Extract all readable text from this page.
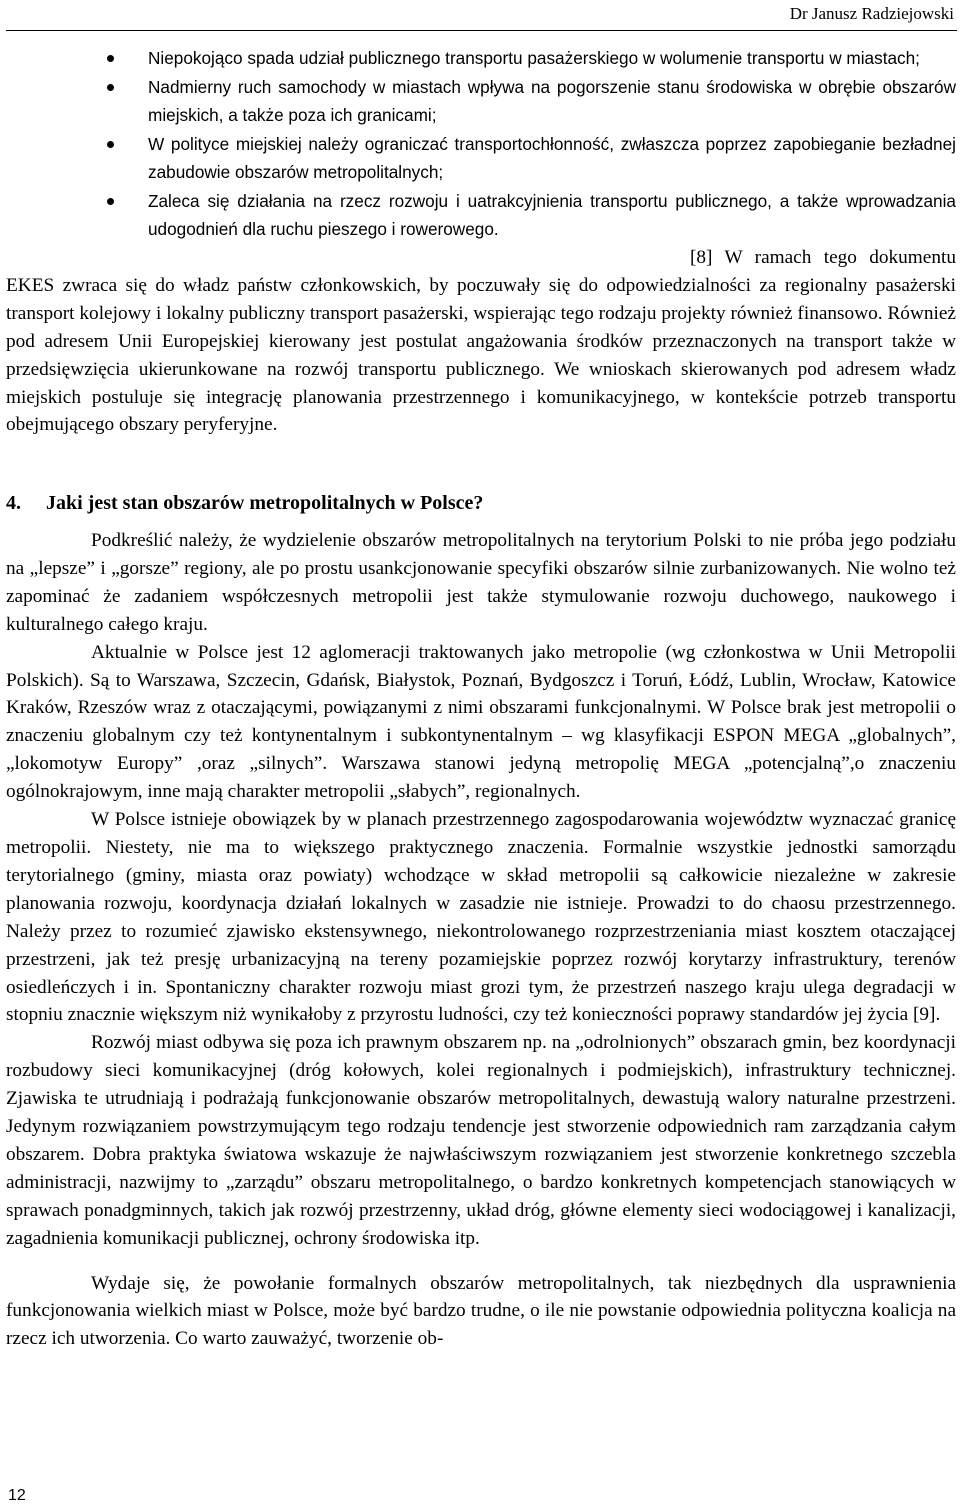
Dr Janusz Radziejowski
Niepokojąco spada udział publicznego transportu pasażerskiego w wolumenie transportu w miastach;
Nadmierny ruch samochody w miastach wpływa na pogorszenie stanu środowiska w obrębie obszarów miejskich, a także poza ich granicami;
W polityce miejskiej należy ograniczać transportochłonność, zwłaszcza poprzez zapobieganie bezładnej zabudowie obszarów metropolitalnych;
Zaleca się działania na rzecz rozwoju i uatrakcyjnienia transportu publicznego, a także wprowadzania udogodnień dla ruchu pieszego i rowerowego.

[8] W ramach tego dokumentu EKES zwraca się do władz państw członkowskich, by poczuwały się do odpowiedzialności za regionalny pasażerski transport kolejowy i lokalny publiczny transport pasażerski, wspierając tego rodzaju projekty również finansowo. Również pod adresem Unii Europejskiej kierowany jest postulat angażowania środków przeznaczonych na transport także w przedsięwzięcia ukierunkowane na rozwój transportu publicznego. We wnioskach skierowanych pod adresem władz miejskich postuluje się integrację planowania przestrzennego i komunikacyjnego, w kontekście potrzeb transportu obejmującego obszary peryferyjne.

4. Jaki jest stan obszarów metropolitalnych w Polsce?

Podkreślić należy, że wydzielenie obszarów metropolitalnych na terytorium Polski to nie próba jego podziału na „lepsze” i „gorsze” regiony, ale po prostu usankcjonowanie specyfiki obszarów silnie zurbanizowanych. Nie wolno też zapominać że zadaniem współczesnych metropolii jest także stymulowanie rozwoju duchowego, naukowego i kulturalnego całego kraju.

Aktualnie w Polsce jest 12 aglomeracji traktowanych jako metropolie (wg członkostwa w Unii Metropolii Polskich). Są to Warszawa, Szczecin, Gdańsk, Białystok, Poznań, Bydgoszcz i Toruń, Łódź, Lublin, Wrocław, Katowice Kraków, Rzeszów wraz z otaczającymi, powiązanymi z nimi obszarami funkcjonalnymi. W Polsce brak jest metropolii o znaczeniu globalnym czy też kontynentalnym i subkontynentalnym – wg klasyfikacji ESPON MEGA „globalnych”, „lokomotyw Europy” ,oraz „silnych”. Warszawa stanowi jedyną metropolię MEGA „potencjalną”,o znaczeniu ogólnokrajowym, inne mają charakter metropolii „słabych”, regionalnych.

W Polsce istnieje obowiązek by w planach przestrzennego zagospodarowania województw wyznaczać granicę metropolii. Niestety, nie ma to większego praktycznego znaczenia. Formalnie wszystkie jednostki samorządu terytorialnego (gminy, miasta oraz powiaty) wchodzące w skład metropolii są całkowicie niezależne w zakresie planowania rozwoju, koordynacja działań lokalnych w zasadzie nie istnieje. Prowadzi to do chaosu przestrzennego. Należy przez to rozumieć zjawisko ekstensywnego, niekontrolowanego rozprzestrzeniania miast kosztem otaczającej przestrzeni, jak też presję urbanizacyjną na tereny pozamiejskie poprzez rozwój korytarzy infrastruktury, terenów osiedleńczych i in. Spontaniczny charakter rozwoju miast grozi tym, że przestrzeń naszego kraju ulega degradacji w stopniu znacznie większym niż wynikałoby z przyrostu ludności, czy też konieczności poprawy standardów jej życia [9].

Rozwój miast odbywa się poza ich prawnym obszarem np. na „odrolnionych” obszarach gmin, bez koordynacji rozbudowy sieci komunikacyjnej (dróg kołowych, kolei regionalnych i podmiejskich), infrastruktury technicznej. Zjawiska te utrudniają i podrażają funkcjonowanie obszarów metropolitalnych, dewastują walory naturalne przestrzeni. Jedynym rozwiązaniem powstrzymującym tego rodzaju tendencje jest stworzenie odpowiednich ram zarządzania całym obszarem. Dobra praktyka światowa wskazuje że najwłaściwszym rozwiązaniem jest stworzenie konkretnego szczebla administracji, nazwijmy to „zarządu” obszaru metropolitalnego, o bardzo konkretnych kompetencjach stanowiących w sprawach ponadgminnych, takich jak rozwój przestrzenny, układ dróg, główne elementy sieci wodociągowej i kanalizacji, zagadnienia komunikacji publicznej, ochrony środowiska itp.

Wydaje się, że powołanie formalnych obszarów metropolitalnych, tak niezbędnych dla usprawnienia funkcjonowania wielkich miast w Polsce, może być bardzo trudne, o ile nie powstanie odpowiednia polityczna koalicja na rzecz ich utworzenia. Co warto zauważyć, tworzenie ob-

12
